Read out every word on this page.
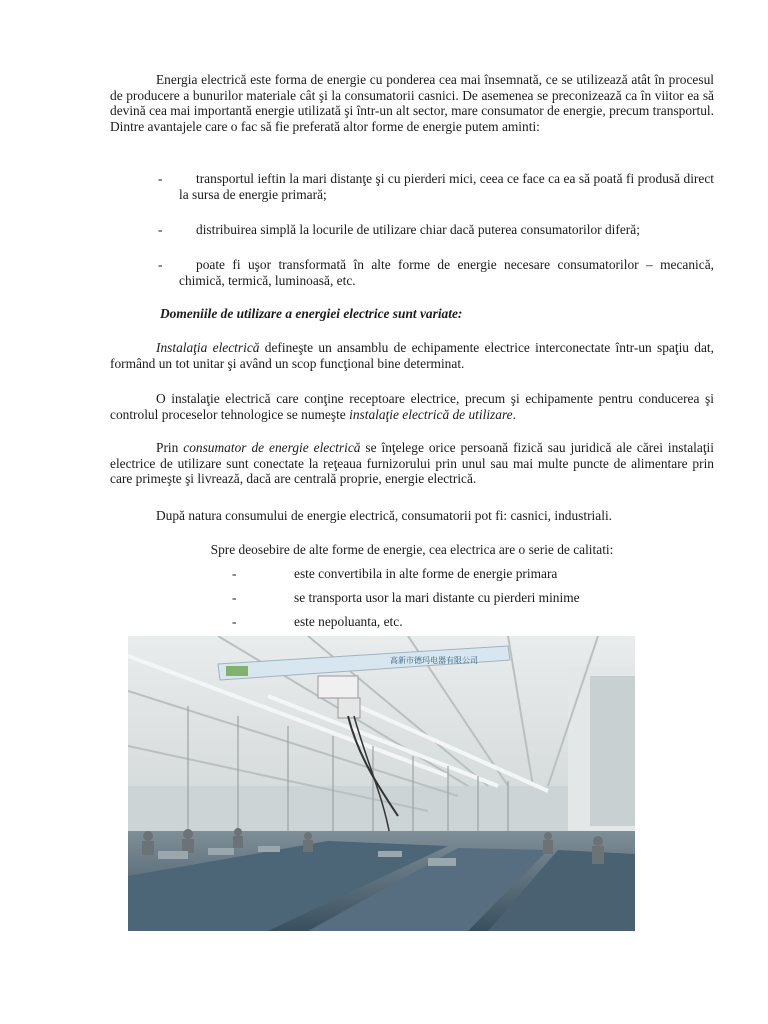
Energia electrică este forma de energie cu ponderea cea mai însemnată, ce se utilizează atât în procesul de producere a bunurilor materiale cât şi la consumatorii casnici. De asemenea se preconizează ca în viitor ea să devină cea mai importantă energie utilizată şi într-un alt sector, mare consumator de energie, precum transportul. Dintre avantajele care o fac să fie preferată altor forme de energie putem aminti:

-	transportul ieftin la mari distanţe şi cu pierderi mici, ceea ce face ca ea să poată fi produsă direct la sursa de energie primară;
-	distribuirea simplă la locurile de utilizare chiar dacă puterea consumatorilor diferă;
-	poate fi uşor transformată în alte forme de energie necesare consumatorilor – mecanică, chimică, termică, luminoasă, etc.
Domeniile de utilizare a energiei electrice sunt variate:

Instalaţia electrică defineşte un ansamblu de echipamente electrice interconectate într-un spaţiu dat, formând un tot unitar şi având un scop funcţional bine determinat.

O instalaţie electrică care conţine receptoare electrice, precum şi echipamente pentru conducerea şi controlul proceselor tehnologice se numeşte instalaţie electrică de utilizare.

Prin consumator de energie electrică se înţelege orice persoană fizică sau juridică ale cărei instalaţii electrice de utilizare sunt conectate la reţeaua furnizorului prin unul sau mai multe puncte de alimentare prin care primeşte şi livrează, dacă are centrală proprie, energie electrică.

După natura consumului de energie electrică, consumatorii pot fi: casnici, industriali.

Spre deosebire de alte forme de energie, cea electrica are o serie de calitati:
-	este convertibila in alte forme de energie primara
-	se transporta usor la mari distante cu pierderi minime
-	este nepoluanta, etc.
高新市德玛电器有限公司
